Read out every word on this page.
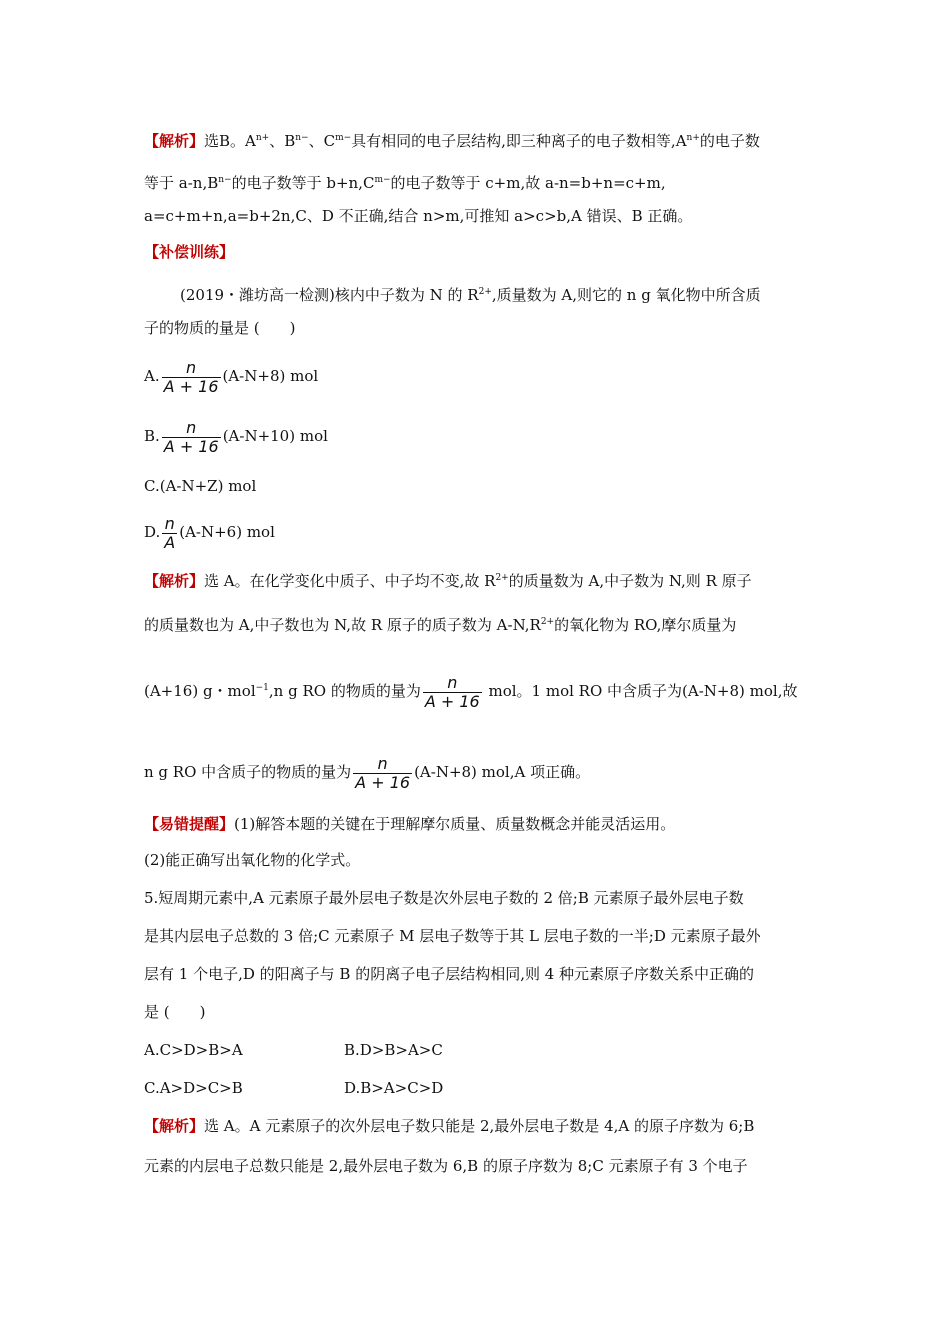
【解析】选B。$A^{n+}$、$B^{n-}$、$C^{m-}$具有相同的电子层结构,即三种离子的电子数相等$,A^{n+}$的电子数
等于 $a-n,B^{n-}$的电子数等于 $b+n,C^{m-}$的电子数等于 c+m,故 a-n=b+n=c+m,
a=c+m+n,a=b+2n,C、D 不正确,结合 n>m,可推知 a>c>b,A 错误、B 正确。
【补偿训练】
(2019・潍坊高一检测)核内中子数为 N 的 $R^{2+}$,质量数为 A,则它的 n g 氧化物中所含质
子的物质的量是 (　　)
A. $\frac{n}{A + 16} (A-N+8)$ mol
B. $\frac{n}{A + 16} (A-N+10)$ mol
C.(A-N+Z) mol
D. $\frac{n}{A} (A-N+6)$ mol
【解析】选 A。在化学变化中质子、中子均不变,故 $R^{2+}$的质量数为 A,中子数为 N,则 R 原子
的质量数也为 A,中子数也为 N,故 R 原子的质子数为 $A-N,R^{2+}$的氧化物为 RO,摩尔质量为
(A+16) g・mol$^{-1}$,n g RO 的物质的量为 $\frac{n}{A + 16}$ mol。1 mol RO 中含质子为(A-N+8) mol,故
n g RO 中含质子的物质的量为 $\frac{n}{A + 16} (A-N+8)$ mol,A 项正确。
【易错提醒】(1)解答本题的关键在于理解摩尔质量、质量数概念并能灵活运用。
(2)能正确写出氧化物的化学式。
5.短周期元素中,A 元素原子最外层电子数是次外层电子数的 2 倍;B 元素原子最外层电子数
是其内层电子总数的 3 倍;C 元素原子 M 层电子数等于其 L 层电子数的一半;D 元素原子最外
层有 1 个电子,D 的阳离子与 B 的阴离子电子层结构相同,则 4 种元素原子序数关系中正确的
是 (　　)
A.C>D>B>A	B.D>B>A>C
C.A>D>C>B	D.B>A>C>D
【解析】选 A。A 元素原子的次外层电子数只能是 2,最外层电子数是 4,A 的原子序数为 6;B
元素的内层电子总数只能是 2,最外层电子数为 6,B 的原子序数为 8;C 元素原子有 3 个电子
